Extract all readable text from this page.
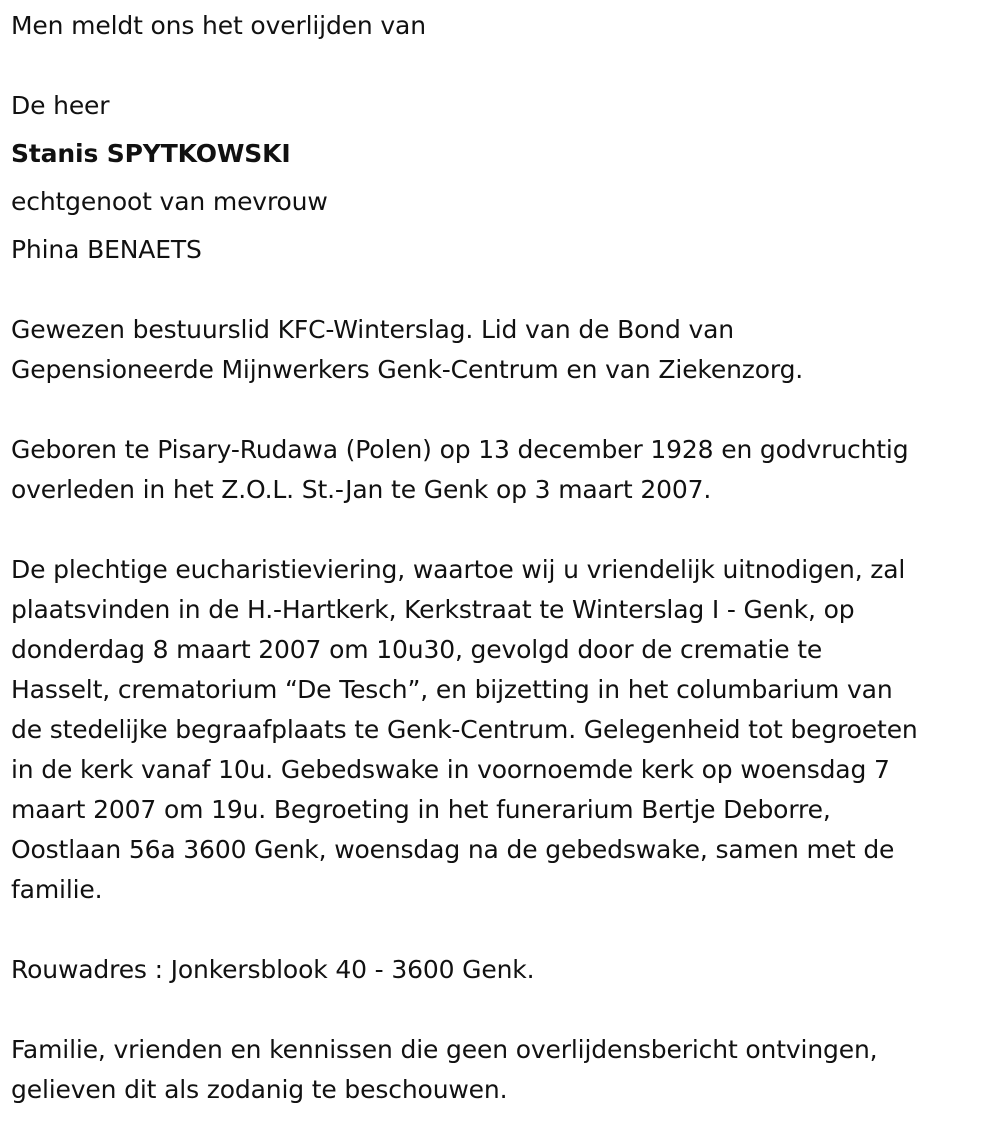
Men meldt ons het overlijden van
De heer
Stanis SPYTKOWSKI
echtgenoot van mevrouw
Phina BENAETS
Gewezen bestuurslid KFC-Winterslag. Lid van de Bond van
Gepensioneerde Mijnwerkers Genk-Centrum en van Ziekenzorg.
Geboren te Pisary-Rudawa (Polen) op 13 december 1928 en godvruchtig
overleden in het Z.O.L. St.-Jan te Genk op 3 maart 2007.
De plechtige eucharistieviering, waartoe wij u vriendelijk uitnodigen, zal
plaatsvinden in de H.-Hartkerk, Kerkstraat te Winterslag I - Genk, op
donderdag 8 maart 2007 om 10u30, gevolgd door de crematie te
Hasselt, crematorium “De Tesch”, en bijzetting in het columbarium van
de stedelijke begraafplaats te Genk-Centrum. Gelegenheid tot begroeten
in de kerk vanaf 10u. Gebedswake in voornoemde kerk op woensdag 7
maart 2007 om 19u. Begroeting in het funerarium Bertje Deborre,
Oostlaan 56a 3600 Genk, woensdag na de gebedswake, samen met de
familie.
Rouwadres : Jonkersblook 40 - 3600 Genk.
Familie, vrienden en kennissen die geen overlijdensbericht ontvingen,
gelieven dit als zodanig te beschouwen.
